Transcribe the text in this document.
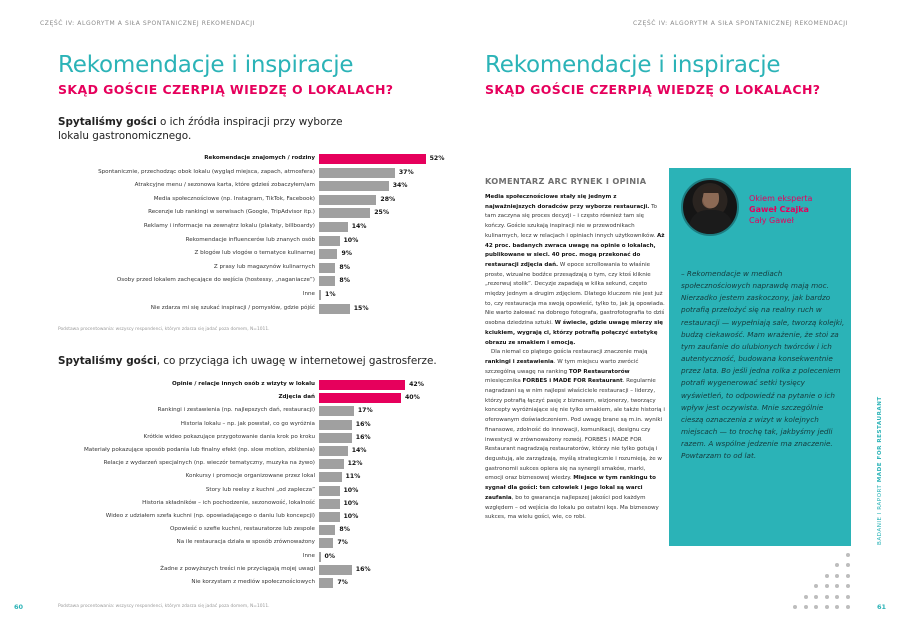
CZĘŚĆ IV: ALGORYTM A SIŁA SPONTANICZNEJ REKOMENDACJI
Rekomendacje i inspiracje
SKĄD GOŚCIE CZERPIĄ WIEDZĘ O LOKALACH?
Spytaliśmy gości o ich źródła inspiracji przy wyborze lokalu gastronomicznego.
Rekomendacje znajomych / rodziny	52%
Spontanicznie, przechodząc obok lokalu (wygląd miejsca, zapach, atmosfera)	37%
Atrakcyjne menu / sezonowa karta, które gdzieś zobaczyłem/am	34%
Media społecznościowe (np. Instagram, TikTok, Facebook)	28%
Recenzje lub rankingi w serwisach (Google, TripAdvisor itp.)	25%
Reklamy i informacje na zewnątrz lokalu (plakaty, billboardy)	14%
Rekomendacje influencerów lub znanych osób	10%
Z blogów lub vlogów o tematyce kulinarnej	9%
Z prasy lub magazynów kulinarnych	8%
Osoby przed lokalem zachęcające do wejścia (hostessy, „naganiacze”)	8%
Inne 1%
Nie zdarza mi się szukać inspiracji / pomysłów, gdzie pójść	15%
Podstawa procentowania: wszyscy respondenci, którym zdarza się jadać poza domem, N=1011.
Spytaliśmy gości, co przyciąga ich uwagę w internetowej gastrosferze.
Opinie / relacje innych osób z wizyty w lokalu	42%
Zdjęcia dań	40%
Rankingi i zestawienia (np. najlepszych dań, restauracji)	17%
Historia lokalu – np. jak powstał, co go wyróżnia	16%
Krótkie wideo pokazujące przygotowanie dania krok po kroku	16%
Materiały pokazujące sposób podania lub finalny efekt (np. slow motion, zbliżenia)	14%
Relacje z wydarzeń specjalnych (np. wieczór tematyczny, muzyka na żywo)	12%
Konkursy i promocje organizowane przez lokal	11%
Story lub reelsy z kuchni „od zaplecza”	10%
Historia składników – ich pochodzenie, sezonowość, lokalność	10%
Wideo z udziałem szefa kuchni (np. opowiadającego o daniu lub koncepcji)	10%
Opowieść o szefie kuchni, restauratorze lub zespole	8%
Na ile restauracja działa w sposób zrównoważony	7%
Inne 0%
Żadne z powyższych treści nie przyciągają mojej uwagi	16%
Nie korzystam z mediów społecznościowych	7%
60	Podstawa procentowania: wszyscy respondenci, którym zdarza się jadać poza domem, N=1011.
CZĘŚĆ IV: ALGORYTM A SIŁA SPONTANICZNEJ REKOMENDACJI
Rekomendacje i inspiracje
SKĄD GOŚCIE CZERPIĄ WIEDZĘ O LOKALACH?
KOMENTARZ ARC RYNEK I OPINIA

Media społecznościowe stały się jednym z najważniejszych doradców przy wyborze restauracji. To tam zaczyna się proces decyzji – i często również tam się kończy. Goście szukają inspiracji nie w przewodnikach kulinarnych, lecz w relacjach i opiniach innych użytkowników. Aż 42 proc. badanych zwraca uwagę na opinie o lokalach, publikowane w sieci. 40 proc. mogą przekonać do restauracji zdjęcia dań. W epoce scrollowania to właśnie proste, wizualne bodźce przesądzają o tym, czy ktoś kliknie „rezerwuj stolik”. Decyzje zapadają w kilka sekund, często między jednym a drugim zdjęciem. Dlatego kluczem nie jest już to, czy restauracja ma swoją opowieść, tylko to, jak ją opowiada. Nie warto żałować na dobrego fotografa, gastrofotografia to dziś osobna dziedzina sztuki. W świecie, gdzie uwagę mierzy się kciukiem, wygrają ci, którzy potrafią połączyć estetykę obrazu ze smakiem i emocją.

Dla niemal co piątego gościa restauracji znaczenie mają rankingi i zestawienia. W tym miejscu warto zwrócić szczególną uwagę na ranking TOP Restauratorów miesięcznika FORBES i MADE FOR Restaurant. Regularnie nagradzani są w nim najlepsi właściciele restauracji – liderzy, którzy potrafią łączyć pasję z biznesem, wizjonerzy, tworzący koncepty wyróżniające się nie tylko smakiem, ale także historią i oferowanym doświadczeniem. Pod uwagę brane są m.in. wyniki finansowe, zdolność do innowacji, komunikacji, designu czy inwestycji w zrównoważony rozwój. FORBES i MADE FOR Restaurant nagradzają restauratorów, którzy nie tylko gotują i degustują, ale zarządzają, myślą strategicznie i rozumieją, że w gastronomii sukces opiera się na synergii smaków, marki, emocji oraz biznesowej wiedzy. Miejsce w tym rankingu to sygnał dla gości: ten człowiek i jego lokal są warci zaufania, bo to gwarancja najlepszej jakości pod każdym względem – od wejścia do lokalu po ostatni kęs. Ma biznesowy sukces, ma wielu gości, wie, co robi.

Okiem eksperta
Gaweł Czajka
Cały Gaweł
– Rekomendacje w mediach społecznościowych naprawdę mają moc. Nierzadko jestem zaskoczony, jak bardzo potrafią przełożyć się na realny ruch w restauracji — wypełniają sale, tworzą kolejki, budzą ciekawość. Mam wrażenie, że stoi za tym zaufanie do ulubionych twórców i ich autentyczność, budowana konsekwentnie przez lata. Bo jeśli jedna rolka z poleceniem potrafi wygenerować setki tysięcy wyświetleń, to odpowiedź na pytanie o ich wpływ jest oczywista. Mnie szczególnie cieszą oznaczenia z wizyt w kolejnych miejscach — to trochę tak, jakbyśmy jedli razem. A wspólne jedzenie ma znaczenie. Powtarzam to od lat.
BADANIE I RAPORT MADE FOR RESTAURANT
61
